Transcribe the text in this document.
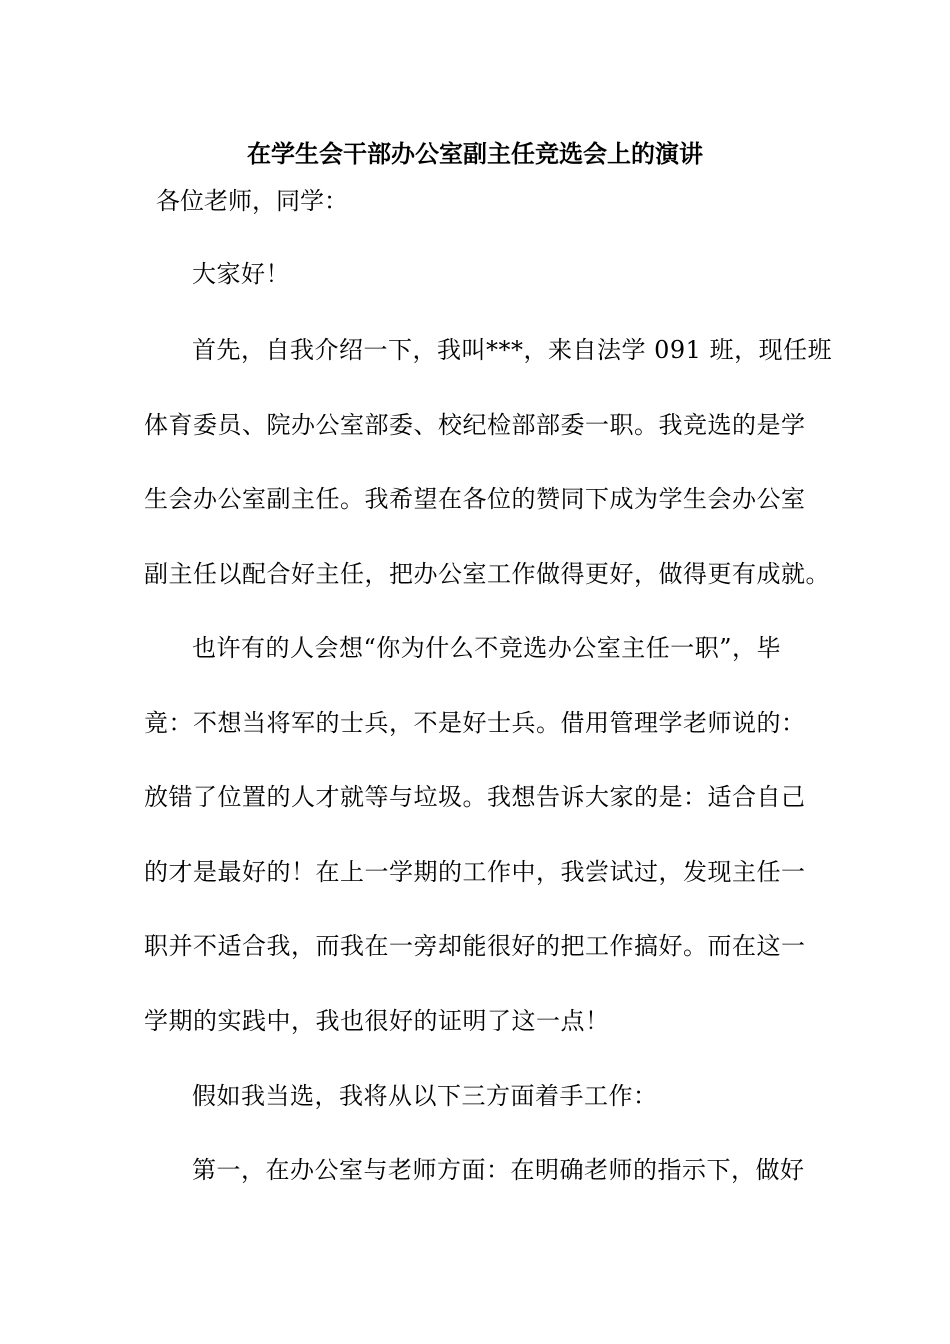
在学生会干部办公室副主任竞选会上的演讲
各位老师，同学：
大家好！
首先，自我介绍一下，我叫***，来自法学 091 班，现任班
体育委员、院办公室部委、校纪检部部委一职。我竞选的是学
生会办公室副主任。我希望在各位的赞同下成为学生会办公室
副主任以配合好主任，把办公室工作做得更好，做得更有成就。
也许有的人会想“你为什么不竞选办公室主任一职”，毕
竟：不想当将军的士兵，不是好士兵。借用管理学老师说的：
放错了位置的人才就等与垃圾。我想告诉大家的是：适合自己
的才是最好的！在上一学期的工作中，我尝试过，发现主任一
职并不适合我，而我在一旁却能很好的把工作搞好。而在这一
学期的实践中，我也很好的证明了这一点！
假如我当选，我将从以下三方面着手工作：
第一，在办公室与老师方面：在明确老师的指示下，做好
